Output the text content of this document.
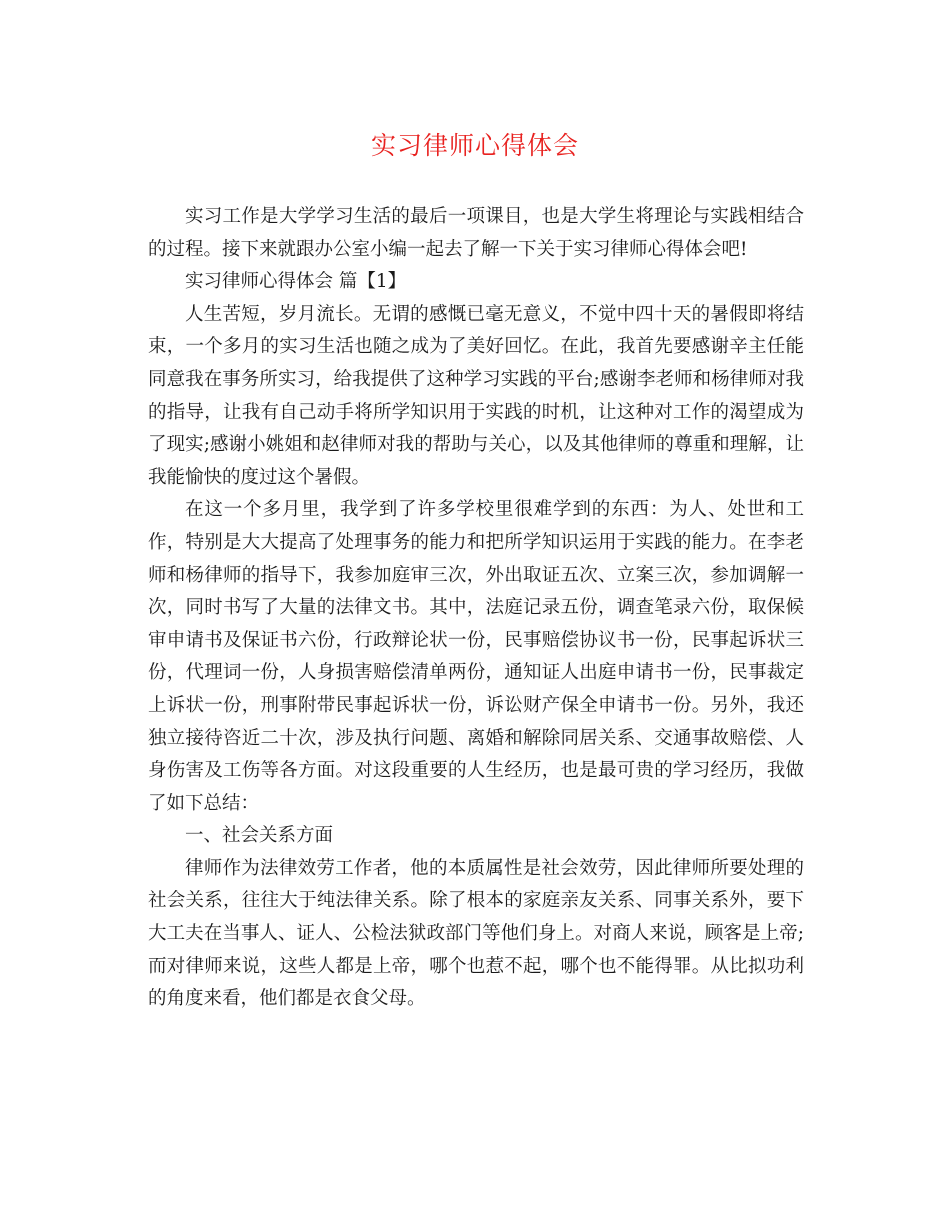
实习律师心得体会

实习工作是大学学习生活的最后一项课目，也是大学生将理论与实践相结合的过程。接下来就跟办公室小编一起去了解一下关于实习律师心得体会吧!

实习律师心得体会 篇【1】

人生苦短，岁月流长。无谓的感慨已毫无意义，不觉中四十天的暑假即将结束，一个多月的实习生活也随之成为了美好回忆。在此，我首先要感谢辛主任能同意我在事务所实习，给我提供了这种学习实践的平台;感谢李老师和杨律师对我的指导，让我有自己动手将所学知识用于实践的时机，让这种对工作的渴望成为了现实;感谢小姚姐和赵律师对我的帮助与关心，以及其他律师的尊重和理解，让我能愉快的度过这个暑假。

在这一个多月里，我学到了许多学校里很难学到的东西：为人、处世和工作，特别是大大提高了处理事务的能力和把所学知识运用于实践的能力。在李老师和杨律师的指导下，我参加庭审三次，外出取证五次、立案三次，参加调解一次，同时书写了大量的法律文书。其中，法庭记录五份，调查笔录六份，取保候审申请书及保证书六份，行政辩论状一份，民事赔偿协议书一份，民事起诉状三份，代理词一份，人身损害赔偿清单两份，通知证人出庭申请书一份，民事裁定上诉状一份，刑事附带民事起诉状一份，诉讼财产保全申请书一份。另外，我还独立接待咨近二十次，涉及执行问题、离婚和解除同居关系、交通事故赔偿、人身伤害及工伤等各方面。对这段重要的人生经历，也是最可贵的学习经历，我做了如下总结：

一、社会关系方面

律师作为法律效劳工作者，他的本质属性是社会效劳，因此律师所要处理的社会关系，往往大于纯法律关系。除了根本的家庭亲友关系、同事关系外，要下大工夫在当事人、证人、公检法狱政部门等他们身上。对商人来说，顾客是上帝;而对律师来说，这些人都是上帝，哪个也惹不起，哪个也不能得罪。从比拟功利的角度来看，他们都是衣食父母。
